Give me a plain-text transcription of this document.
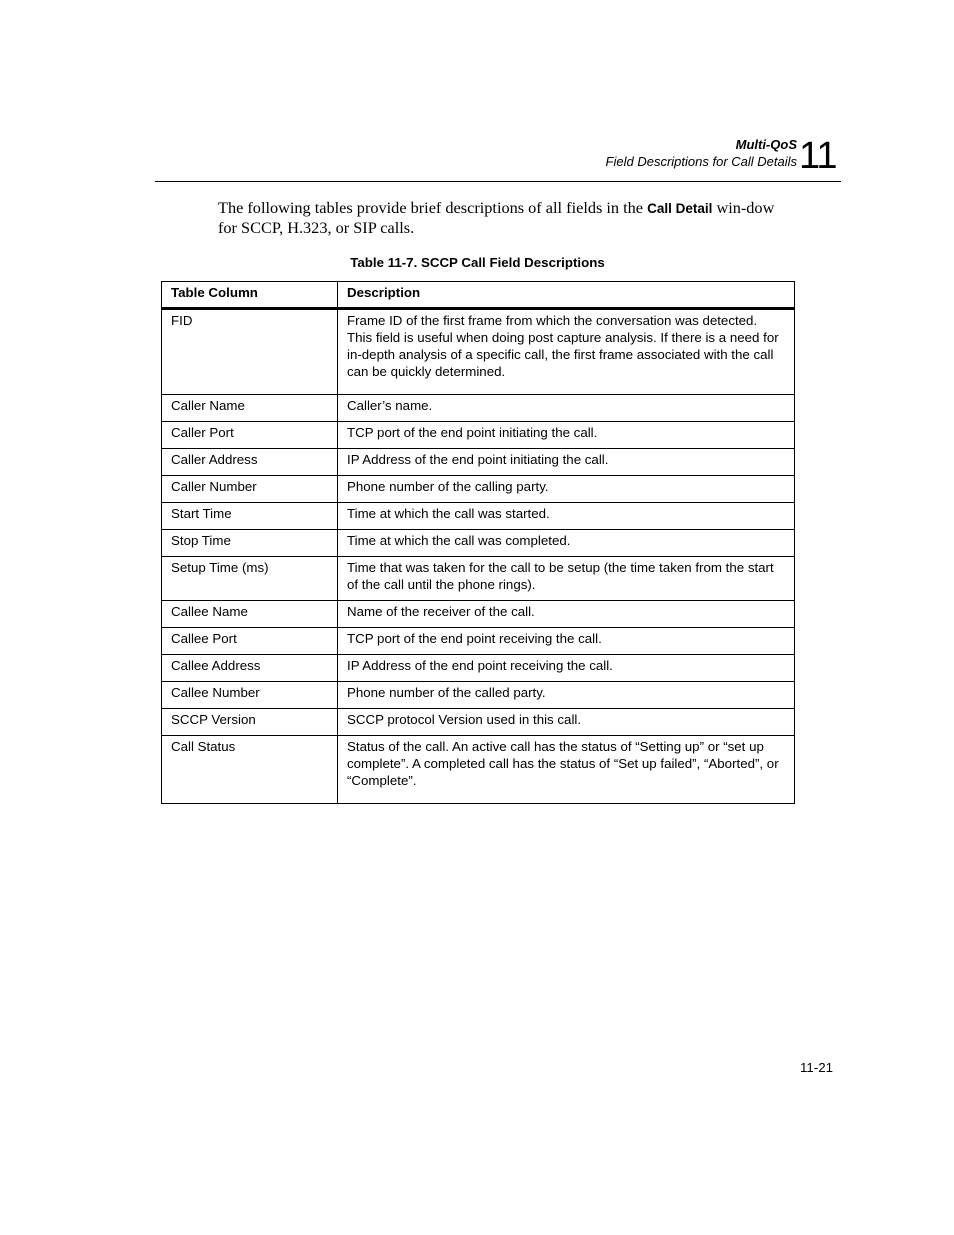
Multi-QoS
Field Descriptions for Call Details 11

The following tables provide brief descriptions of all fields in the Call Detail win-dow for SCCP, H.323, or SIP calls.

Table 11-7. SCCP Call Field Descriptions
Table Column	Description
FID	Frame ID of the first frame from which the conversation was detected. This field is useful when doing post capture analysis. If there is a need for in-depth analysis of a specific call, the first frame associated with the call can be quickly determined.
Caller Name	Caller’s name.
Caller Port	TCP port of the end point initiating the call.
Caller Address	IP Address of the end point initiating the call.
Caller Number	Phone number of the calling party.
Start Time	Time at which the call was started.
Stop Time	Time at which the call was completed.
Setup Time (ms)	Time that was taken for the call to be setup (the time taken from the start of the call until the phone rings).
Callee Name	Name of the receiver of the call.
Callee Port	TCP port of the end point receiving the call.
Callee Address	IP Address of the end point receiving the call.
Callee Number	Phone number of the called party.
SCCP Version	SCCP protocol Version used in this call.
Call Status	Status of the call. An active call has the status of “Setting up” or “set up complete”. A completed call has the status of “Set up failed”, “Aborted”, or “Complete”.
11-21
